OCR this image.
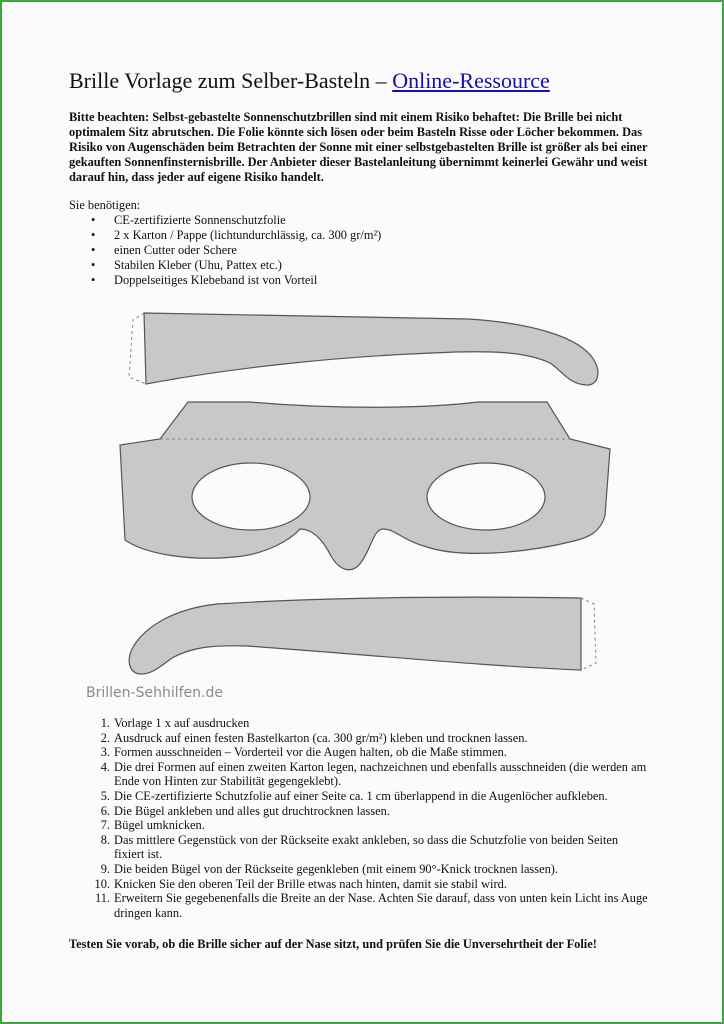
Brille Vorlage zum Selber-Basteln – Online-Ressource
Bitte beachten: Selbst-gebastelte Sonnenschutzbrillen sind mit einem Risiko behaftet: Die Brille bei nicht optimalem Sitz abrutschen. Die Folie könnte sich lösen oder beim Basteln Risse oder Löcher bekommen. Das Risiko von Augenschäden beim Betrachten der Sonne mit einer selbstgebastelten Brille ist größer als bei einer gekauften Sonnenfinsternisbrille. Der Anbieter dieser Bastelanleitung übernimmt keinerlei Gewähr und weist darauf hin, dass jeder auf eigene Risiko handelt.
Sie benötigen:
• CE-zertifizierte Sonnenschutzfolie
• 2 x Karton / Pappe (lichtundurchlässig, ca. 300 gr/m²)
• einen Cutter oder Schere
• Stabilen Kleber (Uhu, Pattex etc.)
• Doppelseitiges Klebeband ist von Vorteil
1. Vorlage 1 x auf ausdrucken
2. Ausdruck auf einen festen Bastelkarton (ca. 300 gr/m²) kleben und trocknen lassen.
3. Formen ausschneiden – Vorderteil vor die Augen halten, ob die Maße stimmen.
4. Die drei Formen auf einen zweiten Karton legen, nachzeichnen und ebenfalls ausschneiden (die werden am Ende von Hinten zur Stabilität gegengeklebt).
5. Die CE-zertifizierte Schutzfolie auf einer Seite ca. 1 cm überlappend in die Augenlöcher aufkleben.
6. Die Bügel ankleben und alles gut druchtrocknen lassen.
7. Bügel umknicken.
8. Das mittlere Gegenstück von der Rückseite exakt ankleben, so dass die Schutzfolie von beiden Seiten fixiert ist.
9. Die beiden Bügel von der Rückseite gegenkleben (mit einem 90°-Knick trocknen lassen).
10. Knicken Sie den oberen Teil der Brille etwas nach hinten, damit sie stabil wird.
11. Erweitern Sie gegebenenfalls die Breite an der Nase. Achten Sie darauf, dass von unten kein Licht ins Auge dringen kann.
Testen Sie vorab, ob die Brille sicher auf der Nase sitzt, und prüfen Sie die Unversehrtheit der Folie!
Brillen-Sehhilfen.de
